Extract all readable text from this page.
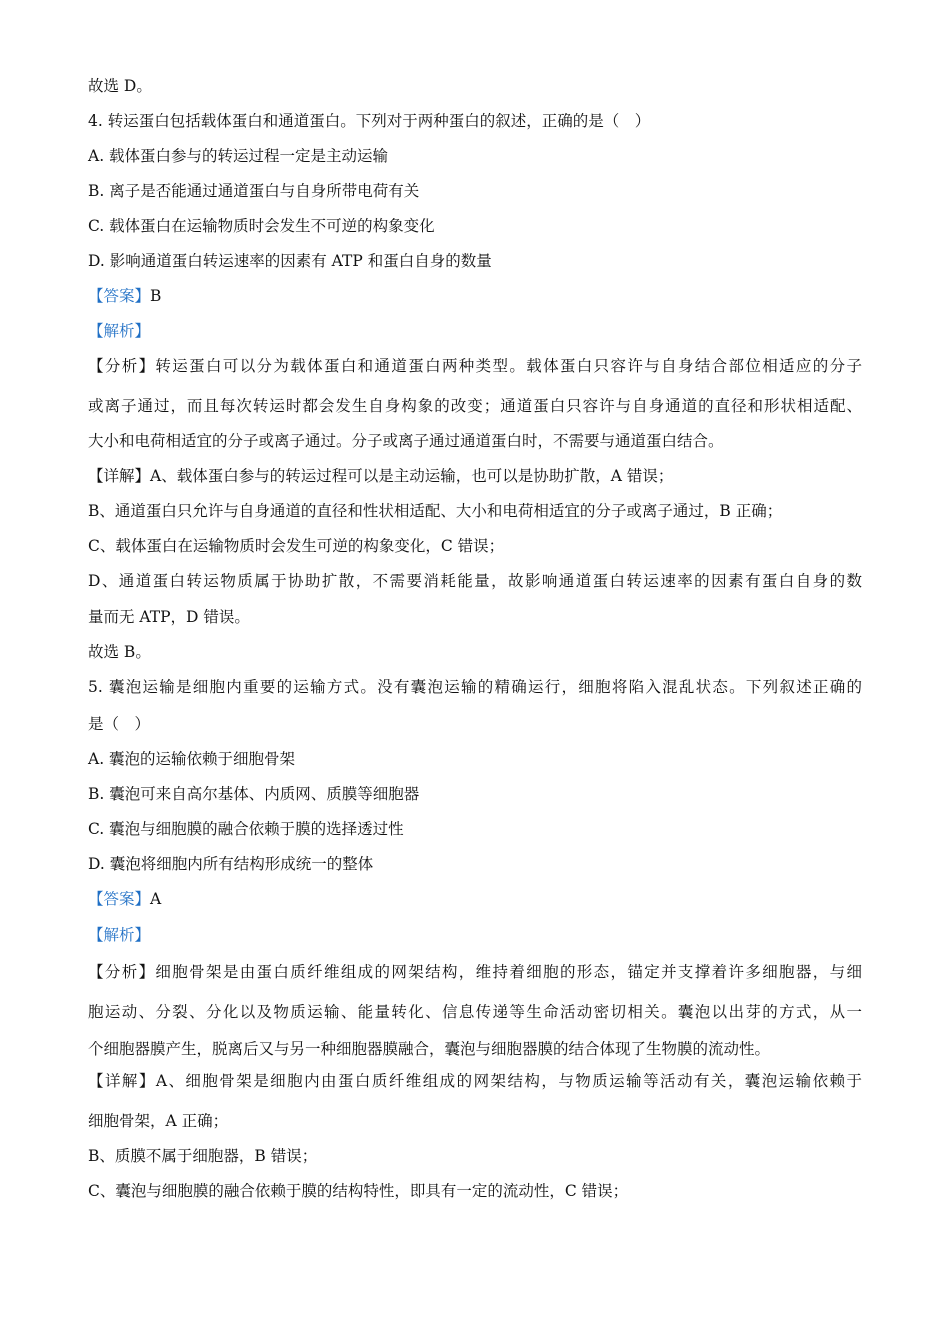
故选 D。
4. 转运蛋白包括载体蛋白和通道蛋白。下列对于两种蛋白的叙述，正确的是（　）
A. 载体蛋白参与的转运过程一定是主动运输
B. 离子是否能通过通道蛋白与自身所带电荷有关
C. 载体蛋白在运输物质时会发生不可逆的构象变化
D. 影响通道蛋白转运速率的因素有 ATP 和蛋白自身的数量
【答案】B
【解析】
【分析】转运蛋白可以分为载体蛋白和通道蛋白两种类型。载体蛋白只容许与自身结合部位相适应的分子
或离子通过，而且每次转运时都会发生自身构象的改变；通道蛋白只容许与自身通道的直径和形状相适配、
大小和电荷相适宜的分子或离子通过。分子或离子通过通道蛋白时，不需要与通道蛋白结合。
【详解】A、载体蛋白参与的转运过程可以是主动运输，也可以是协助扩散，A 错误；
B、通道蛋白只允许与自身通道的直径和性状相适配、大小和电荷相适宜的分子或离子通过，B 正确；
C、载体蛋白在运输物质时会发生可逆的构象变化，C 错误；
D、通道蛋白转运物质属于协助扩散，不需要消耗能量，故影响通道蛋白转运速率的因素有蛋白自身的数
量而无 ATP，D 错误。
故选 B。
5. 囊泡运输是细胞内重要的运输方式。没有囊泡运输的精确运行，细胞将陷入混乱状态。下列叙述正确的
是（　）
A. 囊泡的运输依赖于细胞骨架
B. 囊泡可来自高尔基体、内质网、质膜等细胞器
C. 囊泡与细胞膜的融合依赖于膜的选择透过性
D. 囊泡将细胞内所有结构形成统一的整体
【答案】A
【解析】
【分析】细胞骨架是由蛋白质纤维组成的网架结构，维持着细胞的形态，锚定并支撑着许多细胞器，与细
胞运动、分裂、分化以及物质运输、能量转化、信息传递等生命活动密切相关。囊泡以出芽的方式，从一
个细胞器膜产生，脱离后又与另一种细胞器膜融合，囊泡与细胞器膜的结合体现了生物膜的流动性。
【详解】A、细胞骨架是细胞内由蛋白质纤维组成的网架结构，与物质运输等活动有关，囊泡运输依赖于
细胞骨架，A 正确；
B、质膜不属于细胞器，B 错误；
C、囊泡与细胞膜的融合依赖于膜的结构特性，即具有一定的流动性，C 错误；
